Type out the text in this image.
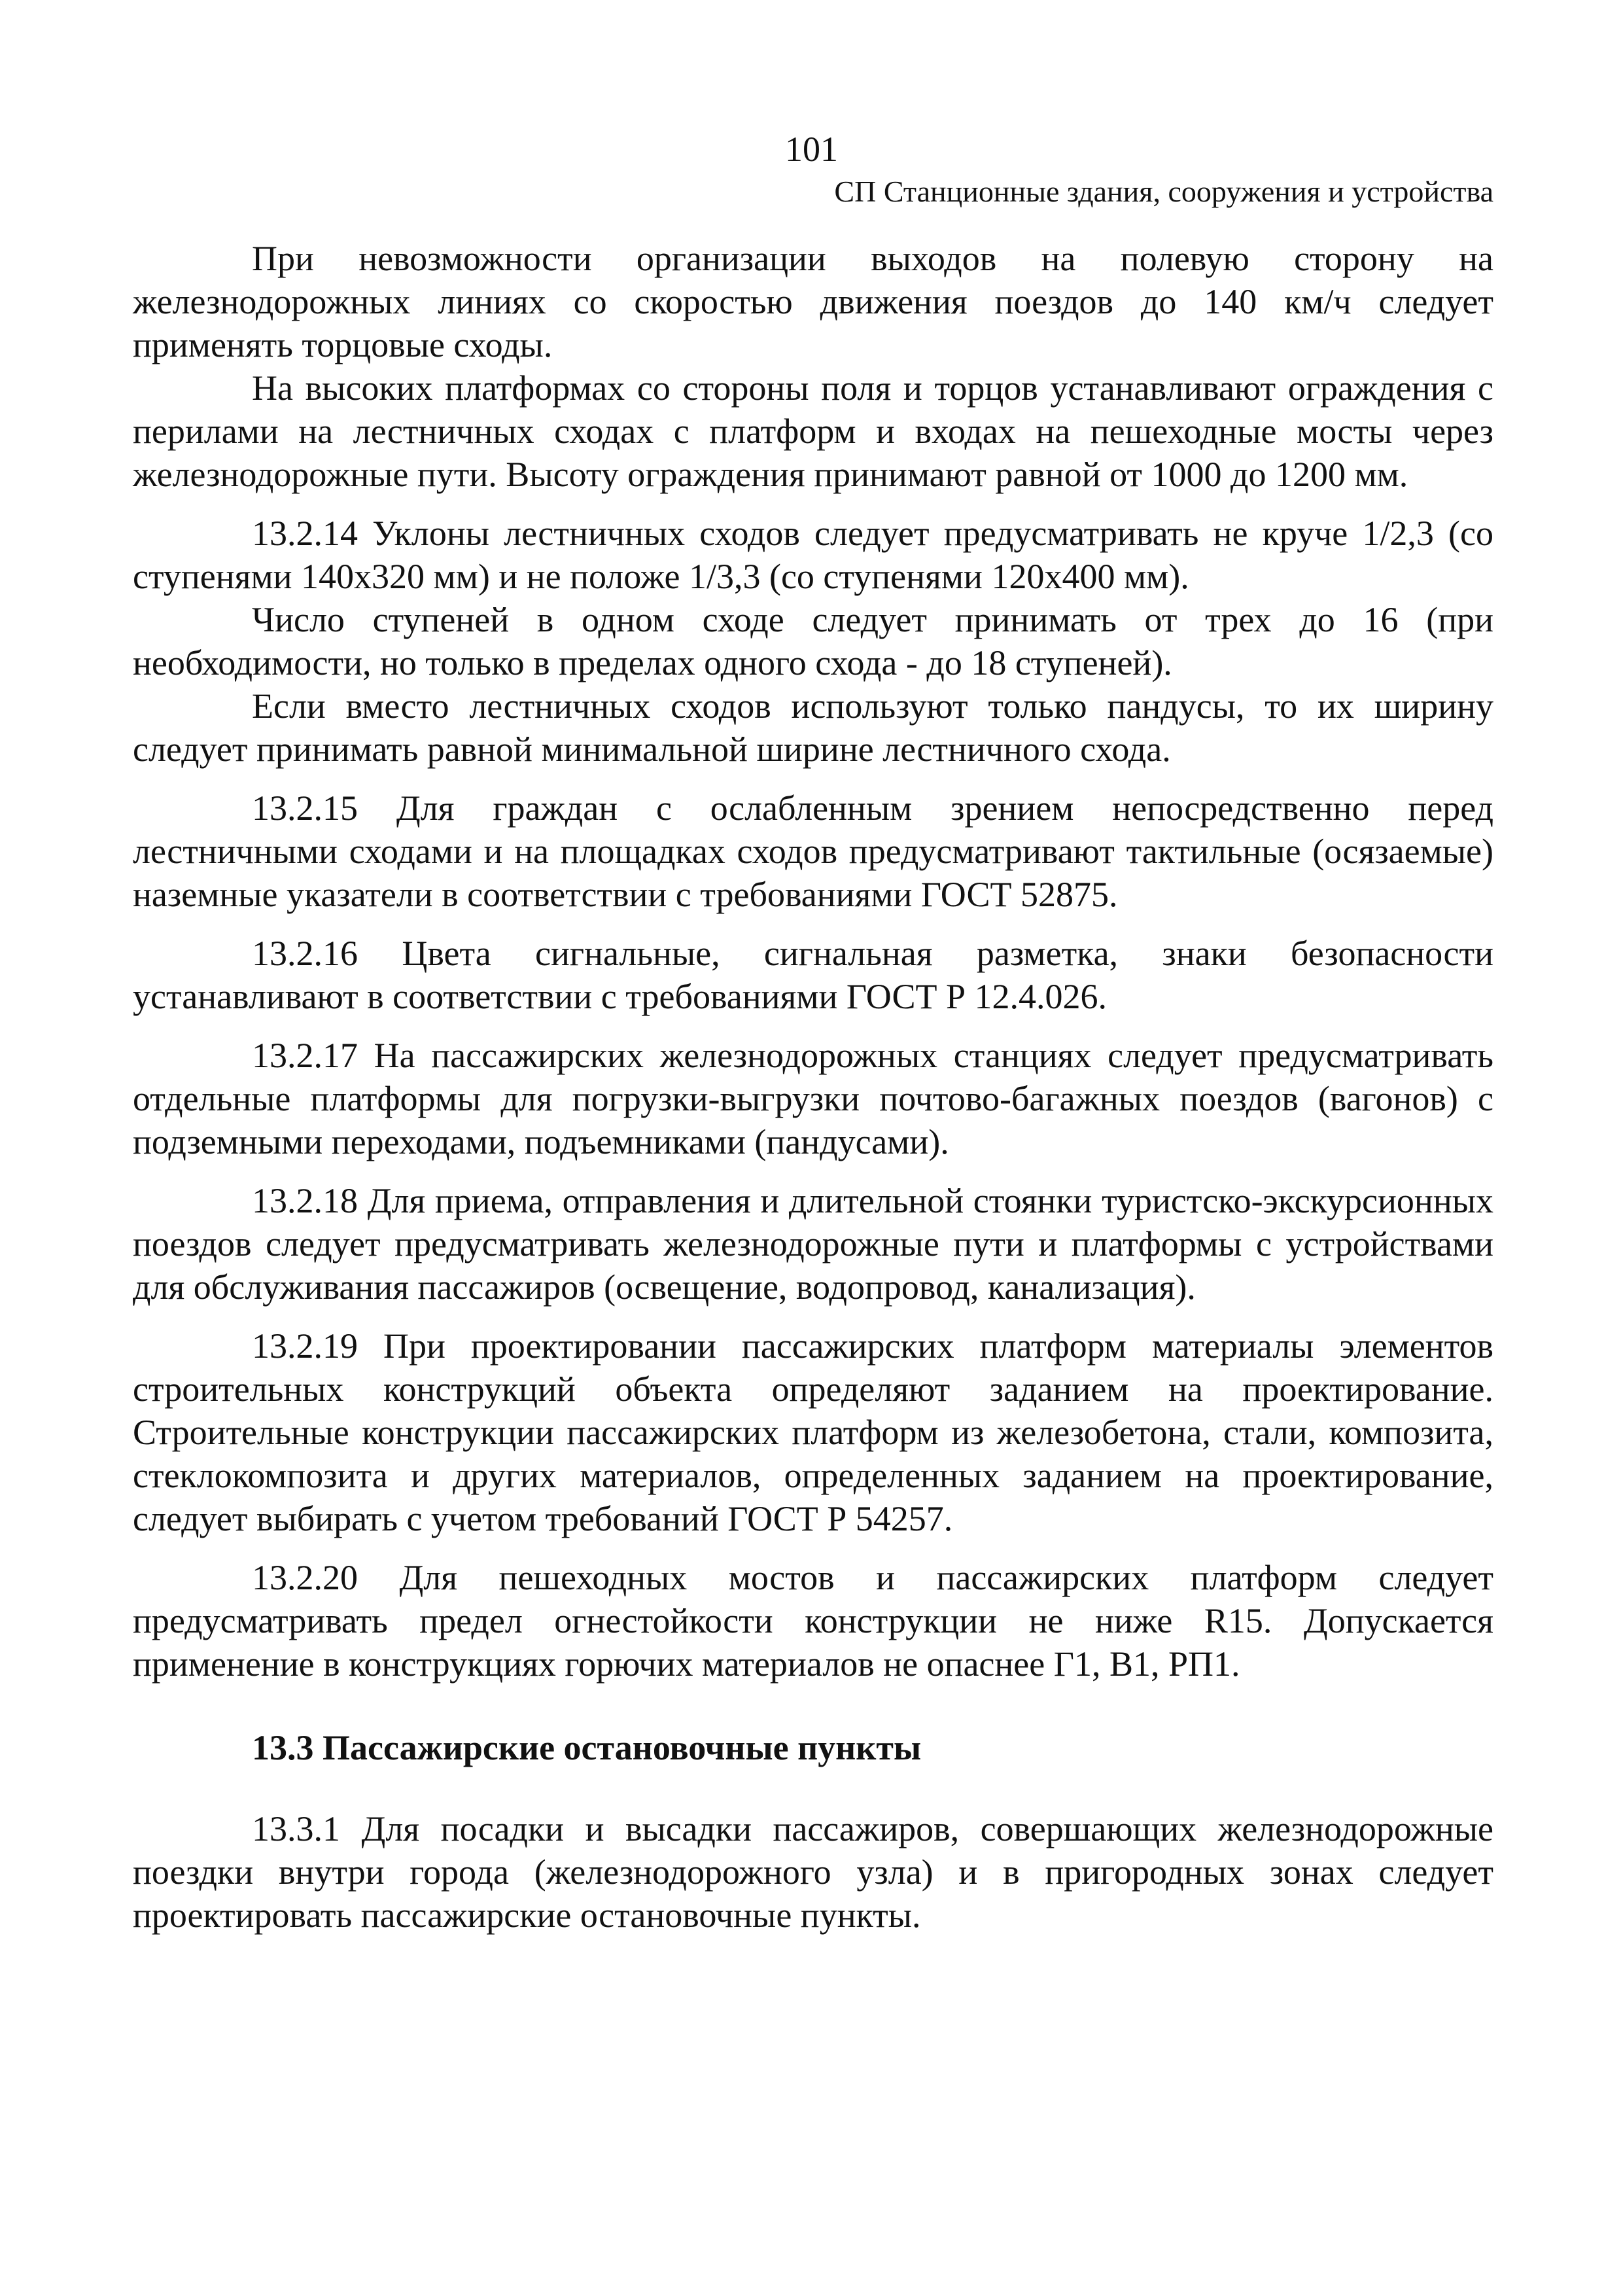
101
СП Станционные здания, сооружения и устройства

При невозможности организации выходов на полевую сторону на железнодорожных линиях со скоростью движения поездов до 140 км/ч следует применять торцовые сходы.

На высоких платформах со стороны поля и торцов устанавливают ограждения с перилами на лестничных сходах с платформ и входах на пешеходные мосты через железнодорожные пути. Высоту ограждения принимают равной от 1000 до 1200 мм.

13.2.14 Уклоны лестничных сходов следует предусматривать не круче 1/2,3 (со ступенями 140х320 мм) и не положе 1/3,3 (со ступенями 120х400 мм).

Число ступеней в одном сходе следует принимать от трех до 16 (при необходимости, но только в пределах одного схода - до 18 ступеней).

Если вместо лестничных сходов используют только пандусы, то их ширину следует принимать равной минимальной ширине лестничного схода.

13.2.15 Для граждан с ослабленным зрением непосредственно перед лестничными сходами и на площадках сходов предусматривают тактильные (осязаемые) наземные указатели в соответствии с требованиями ГОСТ 52875.

13.2.16 Цвета сигнальные, сигнальная разметка, знаки безопасности устанавливают в соответствии с требованиями ГОСТ Р 12.4.026.

13.2.17 На пассажирских железнодорожных станциях следует предусматривать отдельные платформы для погрузки-выгрузки почтово-багажных поездов (вагонов) с подземными переходами, подъемниками (пандусами).

13.2.18 Для приема, отправления и длительной стоянки туристско-экскурсионных поездов следует предусматривать железнодорожные пути и платформы с устройствами для обслуживания пассажиров (освещение, водопровод, канализация).

13.2.19 При проектировании пассажирских платформ материалы элементов строительных конструкций объекта определяют заданием на проектирование. Строительные конструкции пассажирских платформ из железобетона, стали, композита, стеклокомпозита и других материалов, определенных заданием на проектирование, следует выбирать с учетом требований ГОСТ Р 54257.

13.2.20 Для пешеходных мостов и пассажирских платформ следует предусматривать предел огнестойкости конструкции не ниже R15. Допускается применение в конструкциях горючих материалов не опаснее Г1, В1, РП1.

13.3 Пассажирские остановочные пункты

13.3.1 Для посадки и высадки пассажиров, совершающих железнодорожные поездки внутри города (железнодорожного узла) и в пригородных зонах следует проектировать пассажирские остановочные пункты.
